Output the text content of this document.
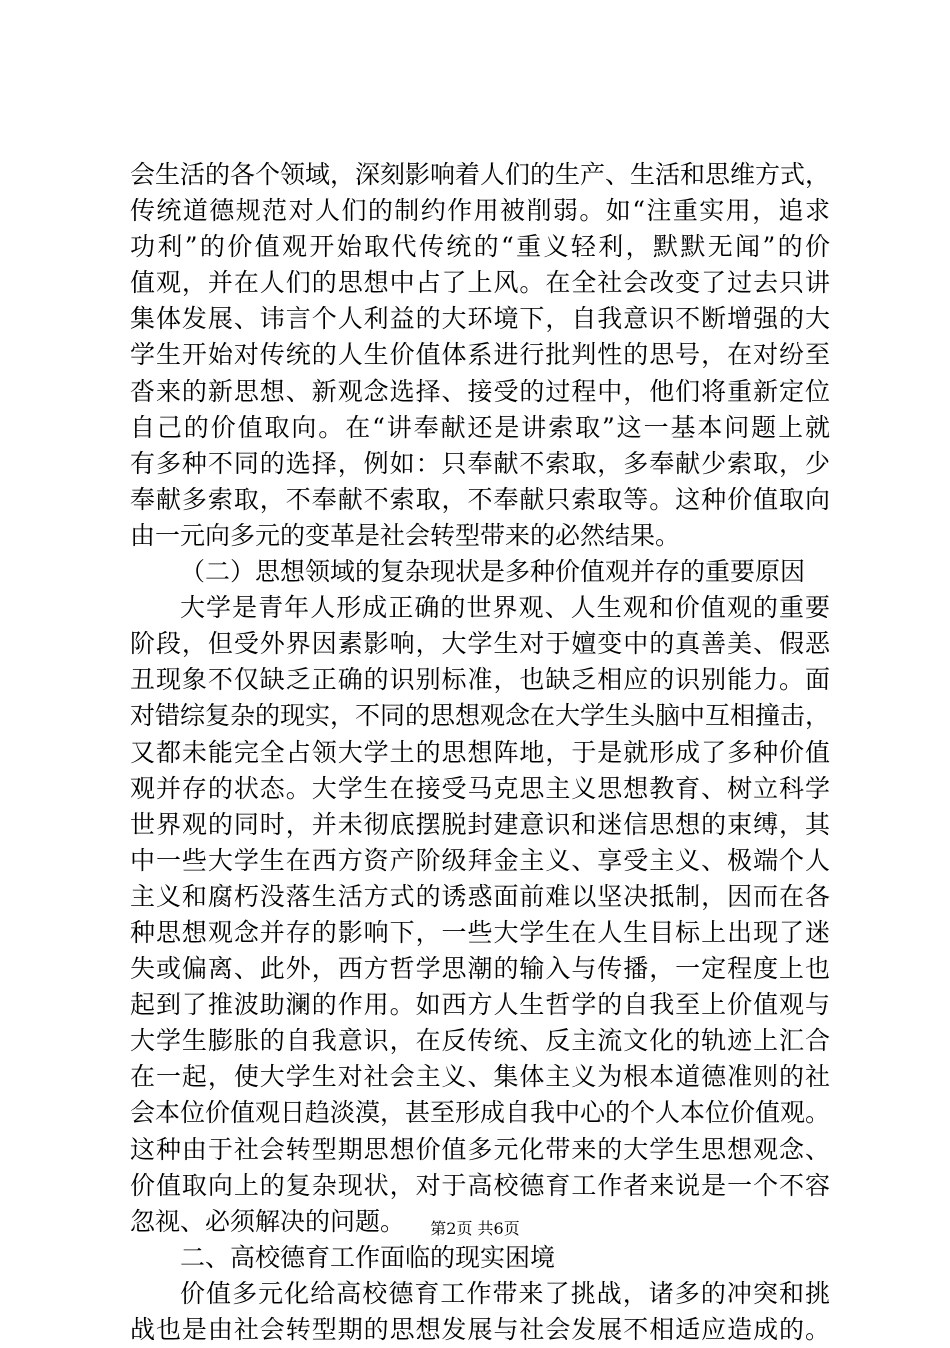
会生活的各个领域，深刻影响着人们的生产、生活和思维方式，
传统道德规范对人们的制约作用被削弱。如“注重实用，追求
功利”的价值观开始取代传统的“重义轻利，默默无闻”的价
值观，并在人们的思想中占了上风。在全社会改变了过去只讲
集体发展、讳言个人利益的大环境下，自我意识不断增强的大
学生开始对传统的人生价值体系进行批判性的思号，在对纷至
沓来的新思想、新观念选择、接受的过程中，他们将重新定位
自己的价值取向。在“讲奉献还是讲索取”这一基本问题上就
有多种不同的选择，例如：只奉献不索取，多奉献少索取，少
奉献多索取，不奉献不索取，不奉献只索取等。这种价值取向
由一元向多元的变革是社会转型带来的必然结果。
（二）思想领域的复杂现状是多种价值观并存的重要原因
大学是青年人形成正确的世界观、人生观和价值观的重要
阶段，但受外界因素影响，大学生对于嬗变中的真善美、假恶
丑现象不仅缺乏正确的识别标准，也缺乏相应的识别能力。面
对错综复杂的现实，不同的思想观念在大学生头脑中互相撞击，
又都未能完全占领大学土的思想阵地，于是就形成了多种价值
观并存的状态。大学生在接受马克思主义思想教育、树立科学
世界观的同时，并未彻底摆脱封建意识和迷信思想的束缚，其
中一些大学生在西方资产阶级拜金主义、享受主义、极端个人
主义和腐朽没落生活方式的诱惑面前难以坚决抵制，因而在各
种思想观念并存的影响下，一些大学生在人生目标上出现了迷
失或偏离、此外，西方哲学思潮的输入与传播，一定程度上也
起到了推波助澜的作用。如西方人生哲学的自我至上价值观与
大学生膨胀的自我意识，在反传统、反主流文化的轨迹上汇合
在一起，使大学生对社会主义、集体主义为根本道德准则的社
会本位价值观日趋淡漠，甚至形成自我中心的个人本位价值观。
这种由于社会转型期思想价值多元化带来的大学生思想观念、
价值取向上的复杂现状，对于高校德育工作者来说是一个不容
忽视、必须解决的问题。
二、高校德育工作面临的现实困境
价值多元化给高校德育工作带来了挑战，诸多的冲突和挑
战也是由社会转型期的思想发展与社会发展不相适应造成的。
第2页 共6页
